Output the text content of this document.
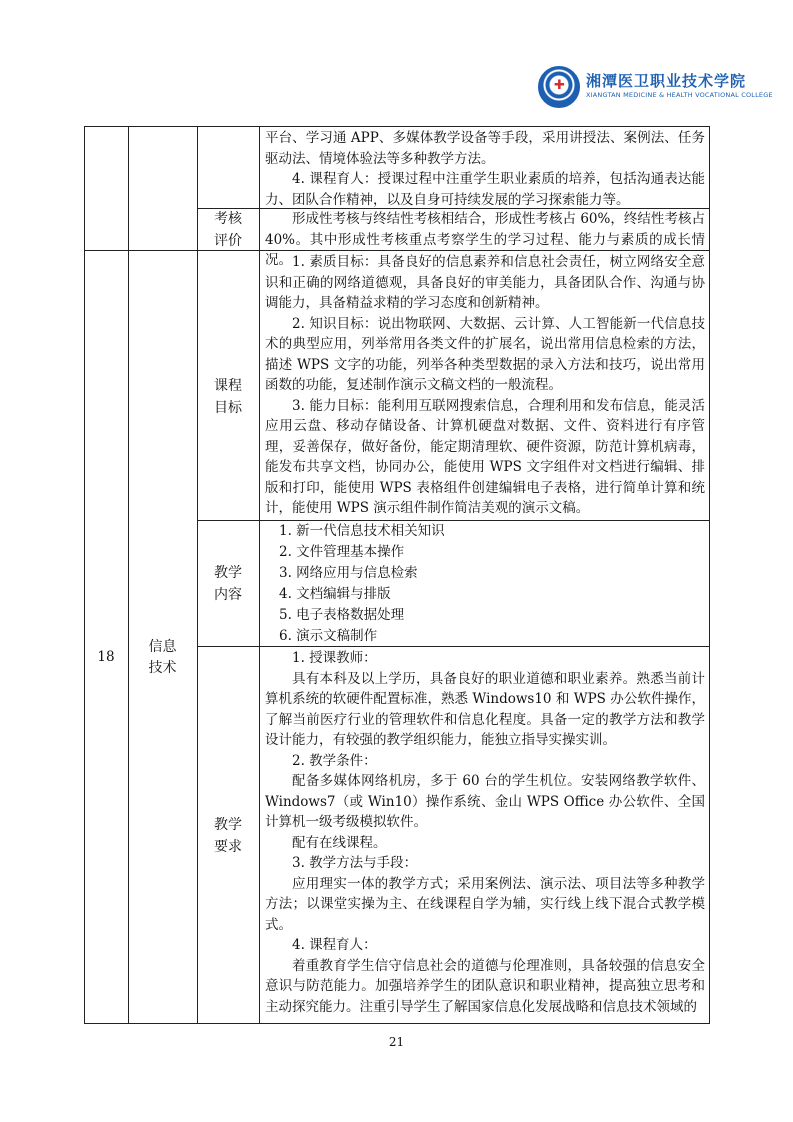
✚ 湘潭医卫职业技术学院
XIANGTAN MEDICINE & HEALTH VOCATIONAL COLLEGE

平台、学习通 APP、多媒体教学设备等手段，采用讲授法、案例法、任务驱动法、情境体验法等多种教学方法。

4. 课程育人：授课过程中注重学生职业素质的培养，包括沟通表达能力、团队合作精神，以及自身可持续发展的学习探索能力等。

考核
评价

形成性考核与终结性考核相结合，形成性考核占 60%，终结性考核占 40%。其中形成性考核重点考察学生的学习过程、能力与素质的成长情况。

18
信息
技术
课程
目标

1. 素质目标：具备良好的信息素养和信息社会责任，树立网络安全意识和正确的网络道德观，具备良好的审美能力，具备团队合作、沟通与协调能力，具备精益求精的学习态度和创新精神。

2. 知识目标：说出物联网、大数据、云计算、人工智能新一代信息技术的典型应用，列举常用各类文件的扩展名，说出常用信息检索的方法，描述 WPS 文字的功能，列举各种类型数据的录入方法和技巧，说出常用函数的功能，复述制作演示文稿文档的一般流程。

3. 能力目标：能利用互联网搜索信息，合理利用和发布信息，能灵活应用云盘、移动存储设备、计算机硬盘对数据、文件、资料进行有序管理，妥善保存，做好备份，能定期清理软、硬件资源，防范计算机病毒，能发布共享文档，协同办公，能使用 WPS 文字组件对文档进行编辑、排版和打印，能使用 WPS 表格组件创建编辑电子表格，进行简单计算和统计，能使用 WPS 演示组件制作简洁美观的演示文稿。

教学
内容
1. 新一代信息技术相关知识
2. 文件管理基本操作
3. 网络应用与信息检索
4. 文档编辑与排版
5. 电子表格数据处理
6. 演示文稿制作
教学
要求

1. 授课教师：

具有本科及以上学历，具备良好的职业道德和职业素养。熟悉当前计算机系统的软硬件配置标准，熟悉 Windows10 和 WPS 办公软件操作，了解当前医疗行业的管理软件和信息化程度。具备一定的教学方法和教学设计能力，有较强的教学组织能力，能独立指导实操实训。

2. 教学条件：

配备多媒体网络机房，多于 60 台的学生机位。安装网络教学软件、Windows7（或 Win10）操作系统、金山 WPS Office 办公软件、全国计算机一级考级模拟软件。

配有在线课程。

3. 教学方法与手段：

应用理实一体的教学方式；采用案例法、演示法、项目法等多种教学方法；以课堂实操为主、在线课程自学为辅，实行线上线下混合式教学模式。

4. 课程育人：

着重教育学生信守信息社会的道德与伦理准则，具备较强的信息安全意识与防范能力。加强培养学生的团队意识和职业精神，提高独立思考和主动探究能力。注重引导学生了解国家信息化发展战略和信息技术领域的

21
